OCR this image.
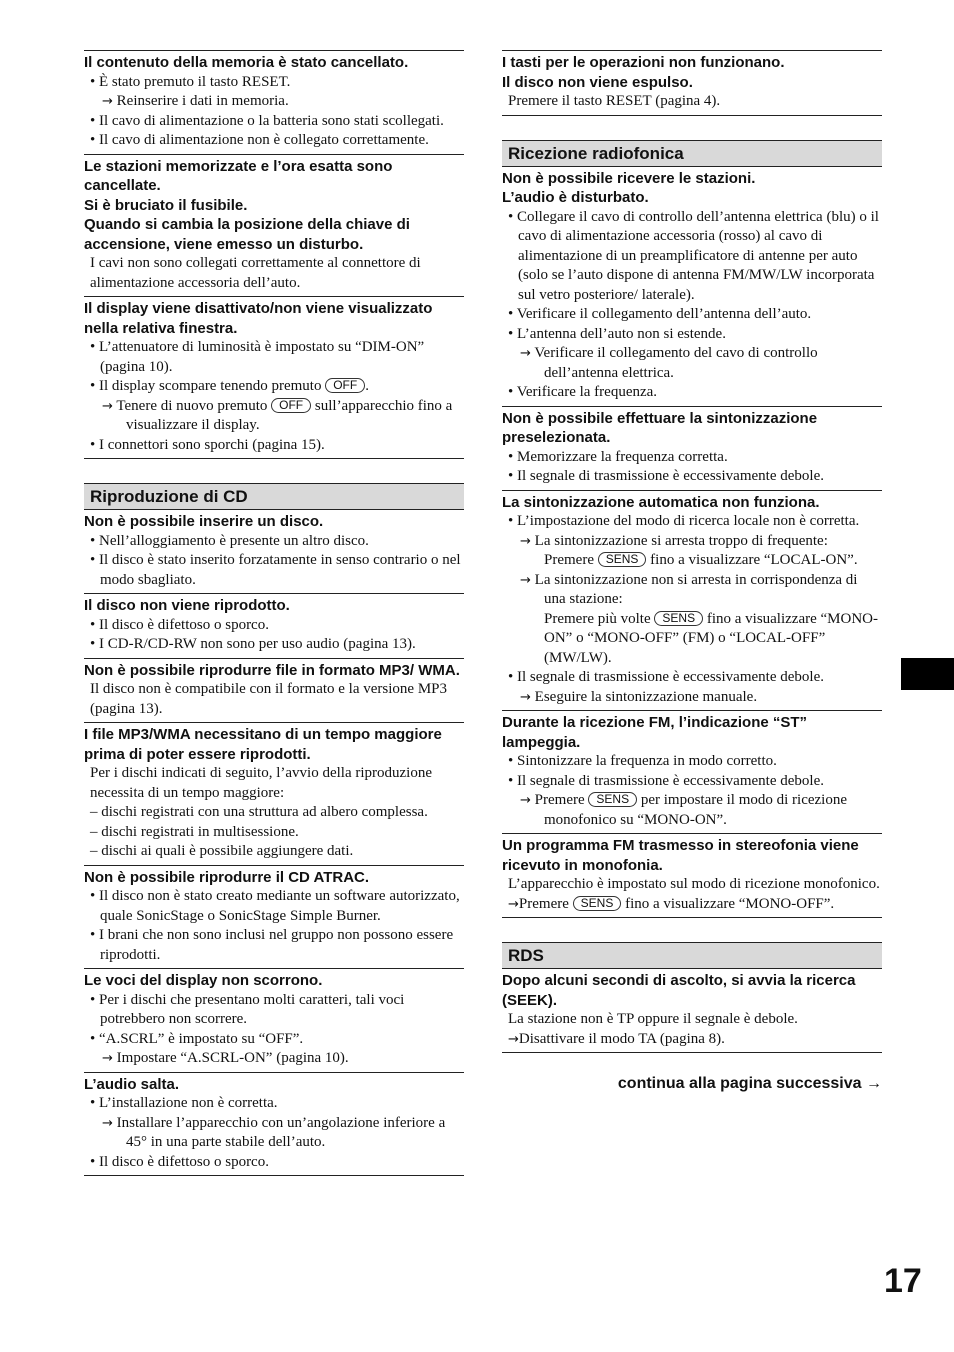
Il contenuto della memoria è stato cancellato.
• È stato premuto il tasto RESET.
→ Reinserire i dati in memoria.
• Il cavo di alimentazione o la batteria sono stati scollegati.
• Il cavo di alimentazione non è collegato correttamente.
Le stazioni memorizzate e l’ora esatta sono cancellate.
Si è bruciato il fusibile.
Quando si cambia la posizione della chiave di accensione, viene emesso un disturbo.
I cavi non sono collegati correttamente al connettore di alimentazione accessoria dell’auto.
Il display viene disattivato/non viene visualizzato nella relativa finestra.
• L’attenuatore di luminosità è impostato su “DIM-ON” (pagina 10).
• Il display scompare tenendo premuto OFF .
→ Tenere di nuovo premuto OFF sull’apparecchio fino a visualizzare il display.
• I connettori sono sporchi (pagina 15).
Riproduzione di CD
Non è possibile inserire un disco.
• Nell’alloggiamento è presente un altro disco.
• Il disco è stato inserito forzatamente in senso contrario o nel modo sbagliato.
Il disco non viene riprodotto.
• Il disco è difettoso o sporco.
• I CD-R/CD-RW non sono per uso audio (pagina 13).
Non è possibile riprodurre file in formato MP3/ WMA.
Il disco non è compatibile con il formato e la versione MP3 (pagina 13).
I file MP3/WMA necessitano di un tempo maggiore prima di poter essere riprodotti.
Per i dischi indicati di seguito, l’avvio della riproduzione necessita di un tempo maggiore:
– dischi registrati con una struttura ad albero complessa.
– dischi registrati in multisessione.
– dischi ai quali è possibile aggiungere dati.
Non è possibile riprodurre il CD ATRAC.
• Il disco non è stato creato mediante un software autorizzato, quale SonicStage o SonicStage Simple Burner.
• I brani che non sono inclusi nel gruppo non possono essere riprodotti.
Le voci del display non scorrono.
• Per i dischi che presentano molti caratteri, tali voci potrebbero non scorrere.
• “A.SCRL” è impostato su “OFF”.
→ Impostare “A.SCRL-ON” (pagina 10).
L’audio salta.
• L’installazione non è corretta.
→ Installare l’apparecchio con un’angolazione inferiore a 45° in una parte stabile dell’auto.
• Il disco è difettoso o sporco.
I tasti per le operazioni non funzionano.
Il disco non viene espulso.
Premere il tasto RESET (pagina 4).
Ricezione radiofonica
Non è possibile ricevere le stazioni.
L’audio è disturbato.
• Collegare il cavo di controllo dell’antenna elettrica (blu) o il cavo di alimentazione accessoria (rosso) al cavo di alimentazione di un preamplificatore di antenne per auto (solo se l’auto dispone di antenna FM/MW/LW incorporata sul vetro posteriore/ laterale).
• Verificare il collegamento dell’antenna dell’auto.
• L’antenna dell’auto non si estende.
→ Verificare il collegamento del cavo di controllo dell’antenna elettrica.
• Verificare la frequenza.
Non è possibile effettuare la sintonizzazione preselezionata.
• Memorizzare la frequenza corretta.
• Il segnale di trasmissione è eccessivamente debole.
La sintonizzazione automatica non funziona.
• L’impostazione del modo di ricerca locale non è corretta.
→ La sintonizzazione si arresta troppo di frequente:
Premere SENS fino a visualizzare “LOCAL-ON”.
→ La sintonizzazione non si arresta in corrispondenza di una stazione:
Premere più volte SENS fino a visualizzare “MONO-ON” o “MONO-OFF” (FM) o “LOCAL-OFF” (MW/LW).
• Il segnale di trasmissione è eccessivamente debole.
→ Eseguire la sintonizzazione manuale.
Durante la ricezione FM, l’indicazione “ST” lampeggia.
• Sintonizzare la frequenza in modo corretto.
• Il segnale di trasmissione è eccessivamente debole.
→ Premere SENS per impostare il modo di ricezione monofonico su “MONO-ON”.
Un programma FM trasmesso in stereofonia viene ricevuto in monofonia.
L’apparecchio è impostato sul modo di ricezione monofonico.
→Premere SENS fino a visualizzare “MONO-OFF”.
RDS
Dopo alcuni secondi di ascolto, si avvia la ricerca (SEEK).
La stazione non è TP oppure il segnale è debole.
→Disattivare il modo TA (pagina 8).
continua alla pagina successiva →
17
